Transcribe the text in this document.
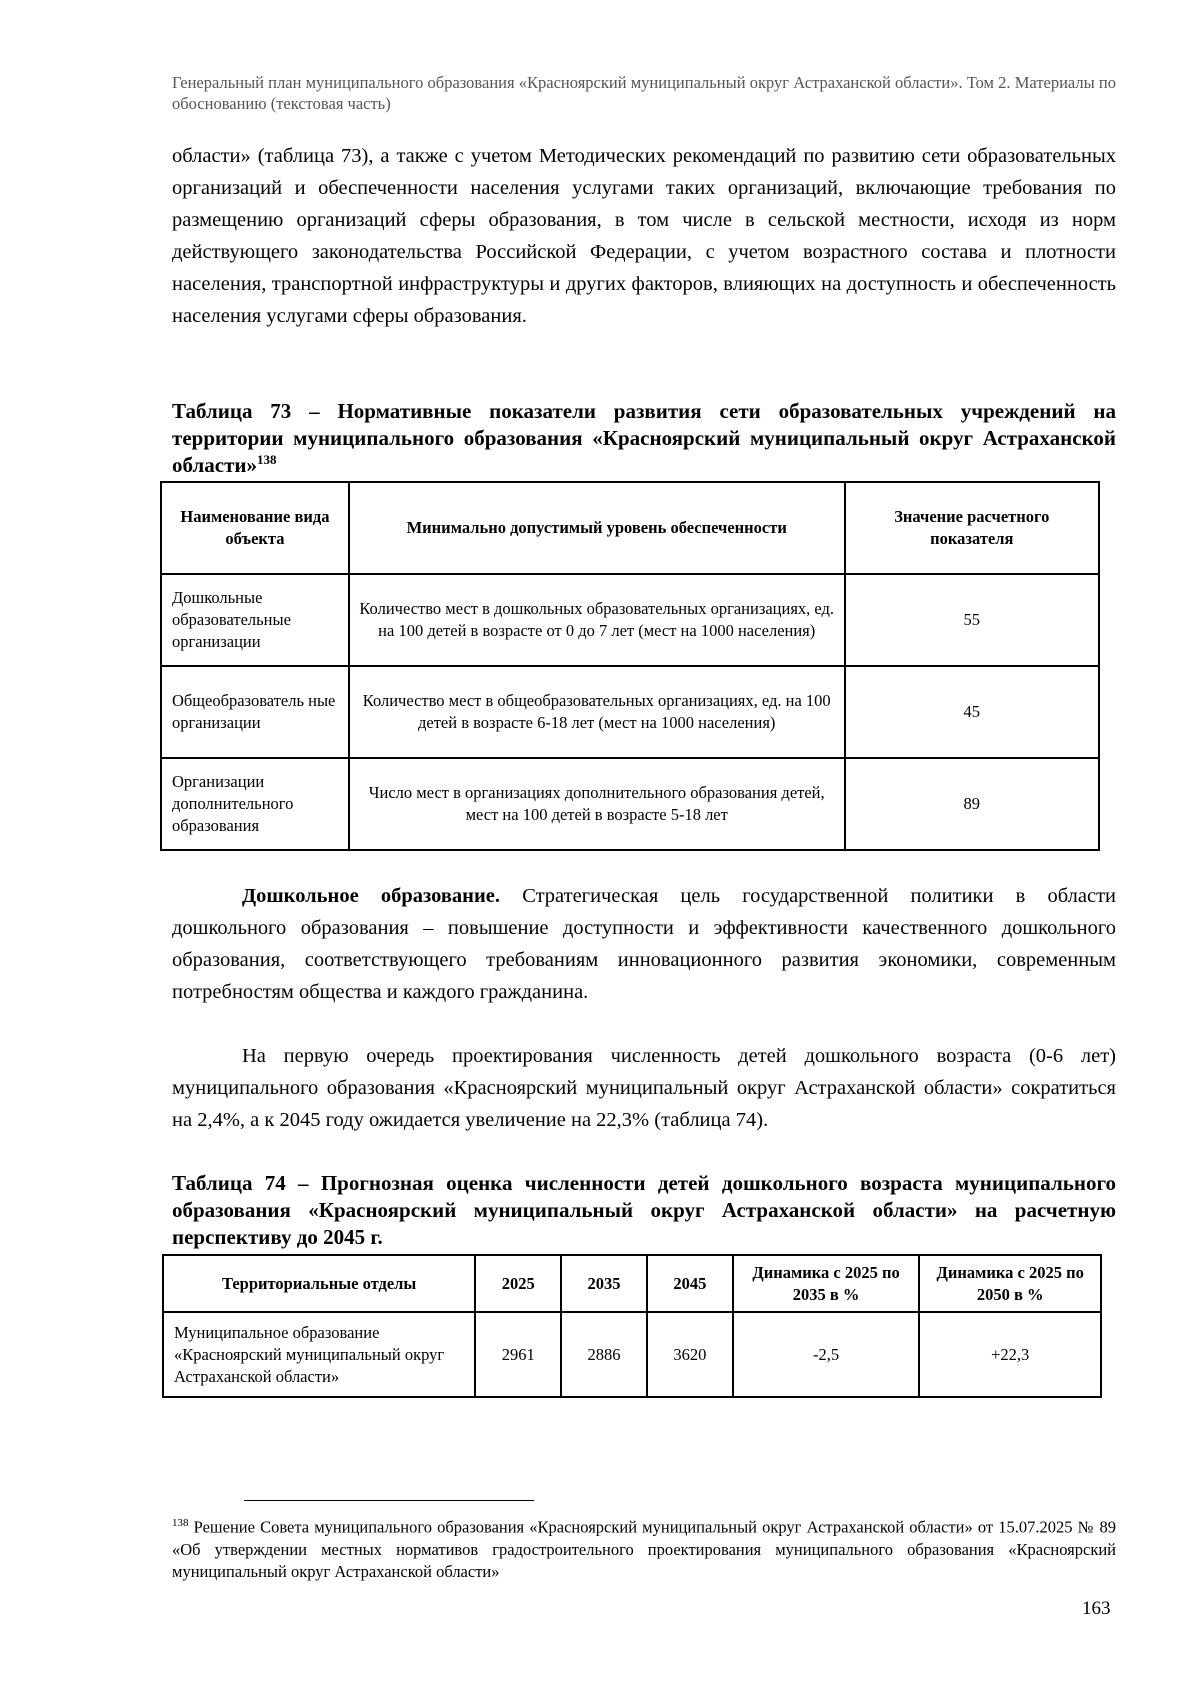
Генеральный план муниципального образования «Красноярский муниципальный округ Астраханской области». Том 2. Материалы по обоснованию (текстовая часть)

области» (таблица 73), а также с учетом Методических рекомендаций по развитию сети образовательных организаций и обеспеченности населения услугами таких организаций, включающие требования по размещению организаций сферы образования, в том числе в сельской местности, исходя из норм действующего законодательства Российской Федерации, с учетом возрастного состава и плотности населения, транспортной инфраструктуры и других факторов, влияющих на доступность и обеспеченность населения услугами сферы образования.

Таблица 73 – Нормативные показатели развития сети образовательных учреждений на территории муниципального образования «Красноярский муниципальный округ Астраханской области»$^{138}$

Наименование вида объекта	Минимально допустимый уровень обеспеченности	Значение расчетного показателя
Дошкольные образовательные организации	Количество мест в дошкольных образовательных организациях, ед. на 100 детей в возрасте от 0 до 7 лет (мест на 1000 населения)	55
Общеобразователь ные организации	Количество мест в общеобразовательных организациях, ед. на 100 детей в возрасте 6-18 лет (мест на 1000 населения)	45
Организации дополнительного образования	Число мест в организациях дополнительного образования детей, мест на 100 детей в возрасте 5-18 лет	89

Дошкольное образование. Стратегическая цель государственной политики в области дошкольного образования – повышение доступности и эффективности качественного дошкольного образования, соответствующего требованиям инновационного развития экономики, современным потребностям общества и каждого гражданина.

На первую очередь проектирования численность детей дошкольного возраста (0-6 лет) муниципального образования «Красноярский муниципальный округ Астраханской области» сократиться на 2,4%, а к 2045 году ожидается увеличение на 22,3% (таблица 74).

Таблица 74 – Прогнозная оценка численности детей дошкольного возраста муниципального образования «Красноярский муниципальный округ Астраханской области» на расчетную перспективу до 2045 г.

Территориальные отделы	2025	2035	2045	Динамика с 2025 по 2035 в %	Динамика с 2025 по 2050 в %
Муниципальное образование «Красноярский муниципальный округ Астраханской области»	2961	2886	3620	-2,5	+22,3
$^{138}$ Решение Совета муниципального образования «Красноярский муниципальный округ Астраханской области» от 15.07.2025 № 89 «Об утверждении местных нормативов градостроительного проектирования муниципального образования «Красноярский муниципальный округ Астраханской области»
163
